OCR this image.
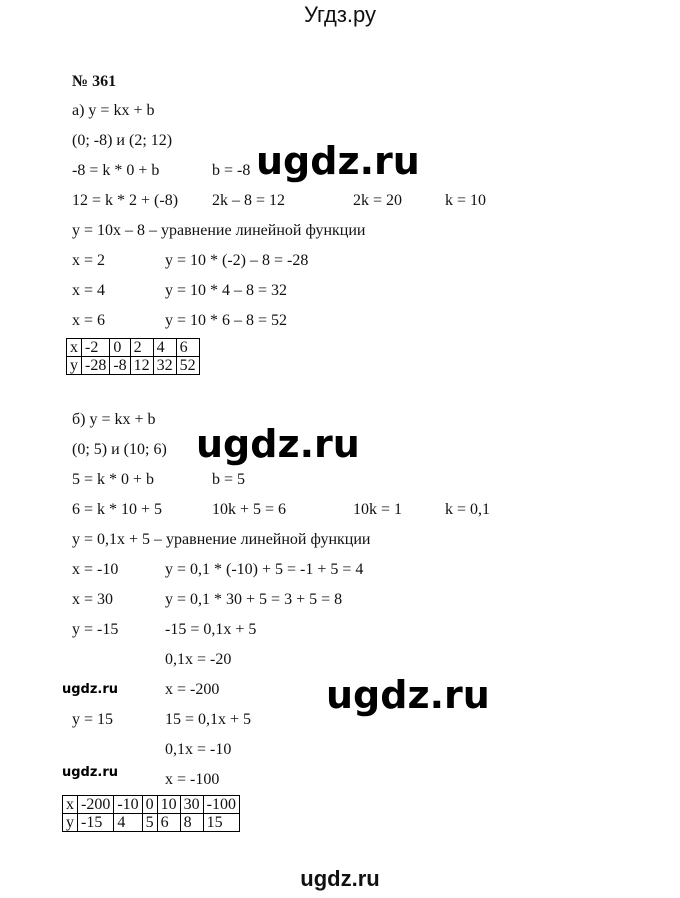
Угдз.ру
№ 361
а) y = kx + b
(0; -8) и (2; 12)
-8 = k * 0 + b	b = -8
12 = k * 2 + (-8) 2k – 8 = 12	2k = 20	k = 10
y = 10x – 8 – уравнение линейной функции
x = 2	y = 10 * (-2) – 8 = -28
x = 4	y = 10 * 4 – 8 = 32
x = 6	y = 10 * 6 – 8 = 52
x	-2	0	2	4	6
y	-28	-8	12	32	52
б) y = kx + b
(0; 5) и (10; 6)
5 = k * 0 + b	b = 5
6 = k * 10 + 5	10k + 5 = 6	10k = 1	k = 0,1
y = 0,1x + 5 – уравнение линейной функции
x = -10	y = 0,1 * (-10) + 5 = -1 + 5 = 4
x = 30	y = 0,1 * 30 + 5 = 3 + 5 = 8
y = -15	-15 = 0,1x + 5
0,1x = -20
x = -200
y = 15	15 = 0,1x + 5
0,1x = -10
x = -100
x	-200	-10	0	10	30	-100
y	-15	4	5	6	8	15
ugdz.ru
ugdz.ru
ugdz.ru
ugdz.ru
ugdz.ru
ugdz.ru
